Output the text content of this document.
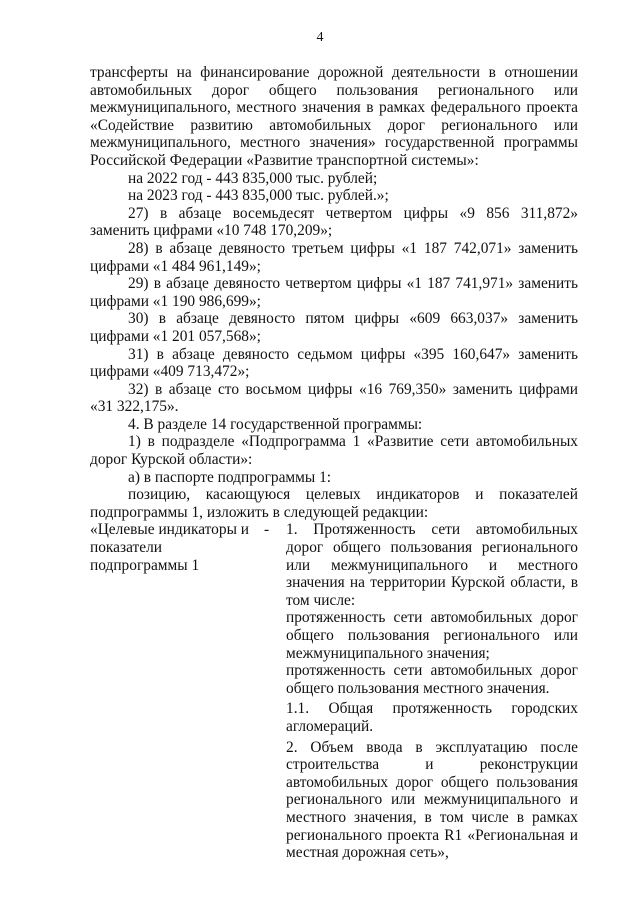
4

трансферты на финансирование дорожной деятельности в отношении автомобильных дорог общего пользования регионального или межмуниципального, местного значения в рамках федерального проекта «Содействие развитию автомобильных дорог регионального или межмуниципального, местного значения» государственной программы Российской Федерации «Развитие транспортной системы»:

на 2022 год - 443 835,000 тыс. рублей;

на 2023 год - 443 835,000 тыс. рублей.»;

27) в абзаце восемьдесят четвертом цифры «9 856 311,872» заменить цифрами «10 748 170,209»;

28) в абзаце девяносто третьем цифры «1 187 742,071» заменить цифрами «1 484 961,149»;

29) в абзаце девяносто четвертом цифры «1 187 741,971» заменить цифрами «1 190 986,699»;

30) в абзаце девяносто пятом цифры «609 663,037» заменить цифрами «1 201 057,568»;

31) в абзаце девяносто седьмом цифры «395 160,647» заменить цифрами «409 713,472»;

32) в абзаце сто восьмом цифры «16 769,350» заменить цифрами «31 322,175».

4. В разделе 14 государственной программы:

1) в подразделе «Подпрограмма 1 «Развитие сети автомобильных дорог Курской области»:

а) в паспорте подпрограммы 1:

позицию, касающуюся целевых индикаторов и показателей подпрограммы 1, изложить в следующей редакции:

«Целевые индикаторы и показатели подпрограммы 1
- 1. Протяженность сети автомобильных дорог общего пользования регионального или межмуниципального и местного значения на территории Курской области, в том числе:

протяженность сети автомобильных дорог общего пользования регионального или межмуниципального значения;

протяженность сети автомобильных дорог общего пользования местного значения.

1.1. Общая протяженность городских агломераций.

2. Объем ввода в эксплуатацию после строительства и реконструкции автомобильных дорог общего пользования регионального или межмуниципального и местного значения, в том числе в рамках регионального проекта R1 «Региональная и местная дорожная сеть»,
